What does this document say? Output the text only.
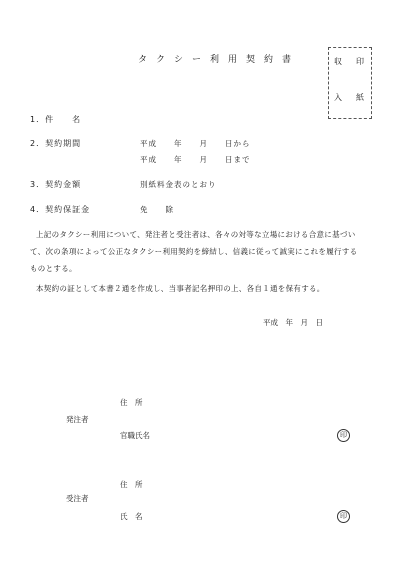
タクシー利用契約書	収 印
入 紙
1．件　　名
2．契約期間	平成　　年　　月　　日から
平成　　年　　月　　日まで
3．契約金額	別紙料金表のとおり
4．契約保証金	免　　除
上記のタクシー利用について、発注者と受注者は、各々の対等な立場における合意に基づい
て、次の条項によって公正なタクシー利用契約を締結し、信義に従って誠実にこれを履行する
ものとする。
本契約の証として本書２通を作成し、当事者記名押印の上、各自１通を保有する。
平成　年　月　日
住　所
発注者
官職氏名	印
住　所
受注者
氏　名	印
